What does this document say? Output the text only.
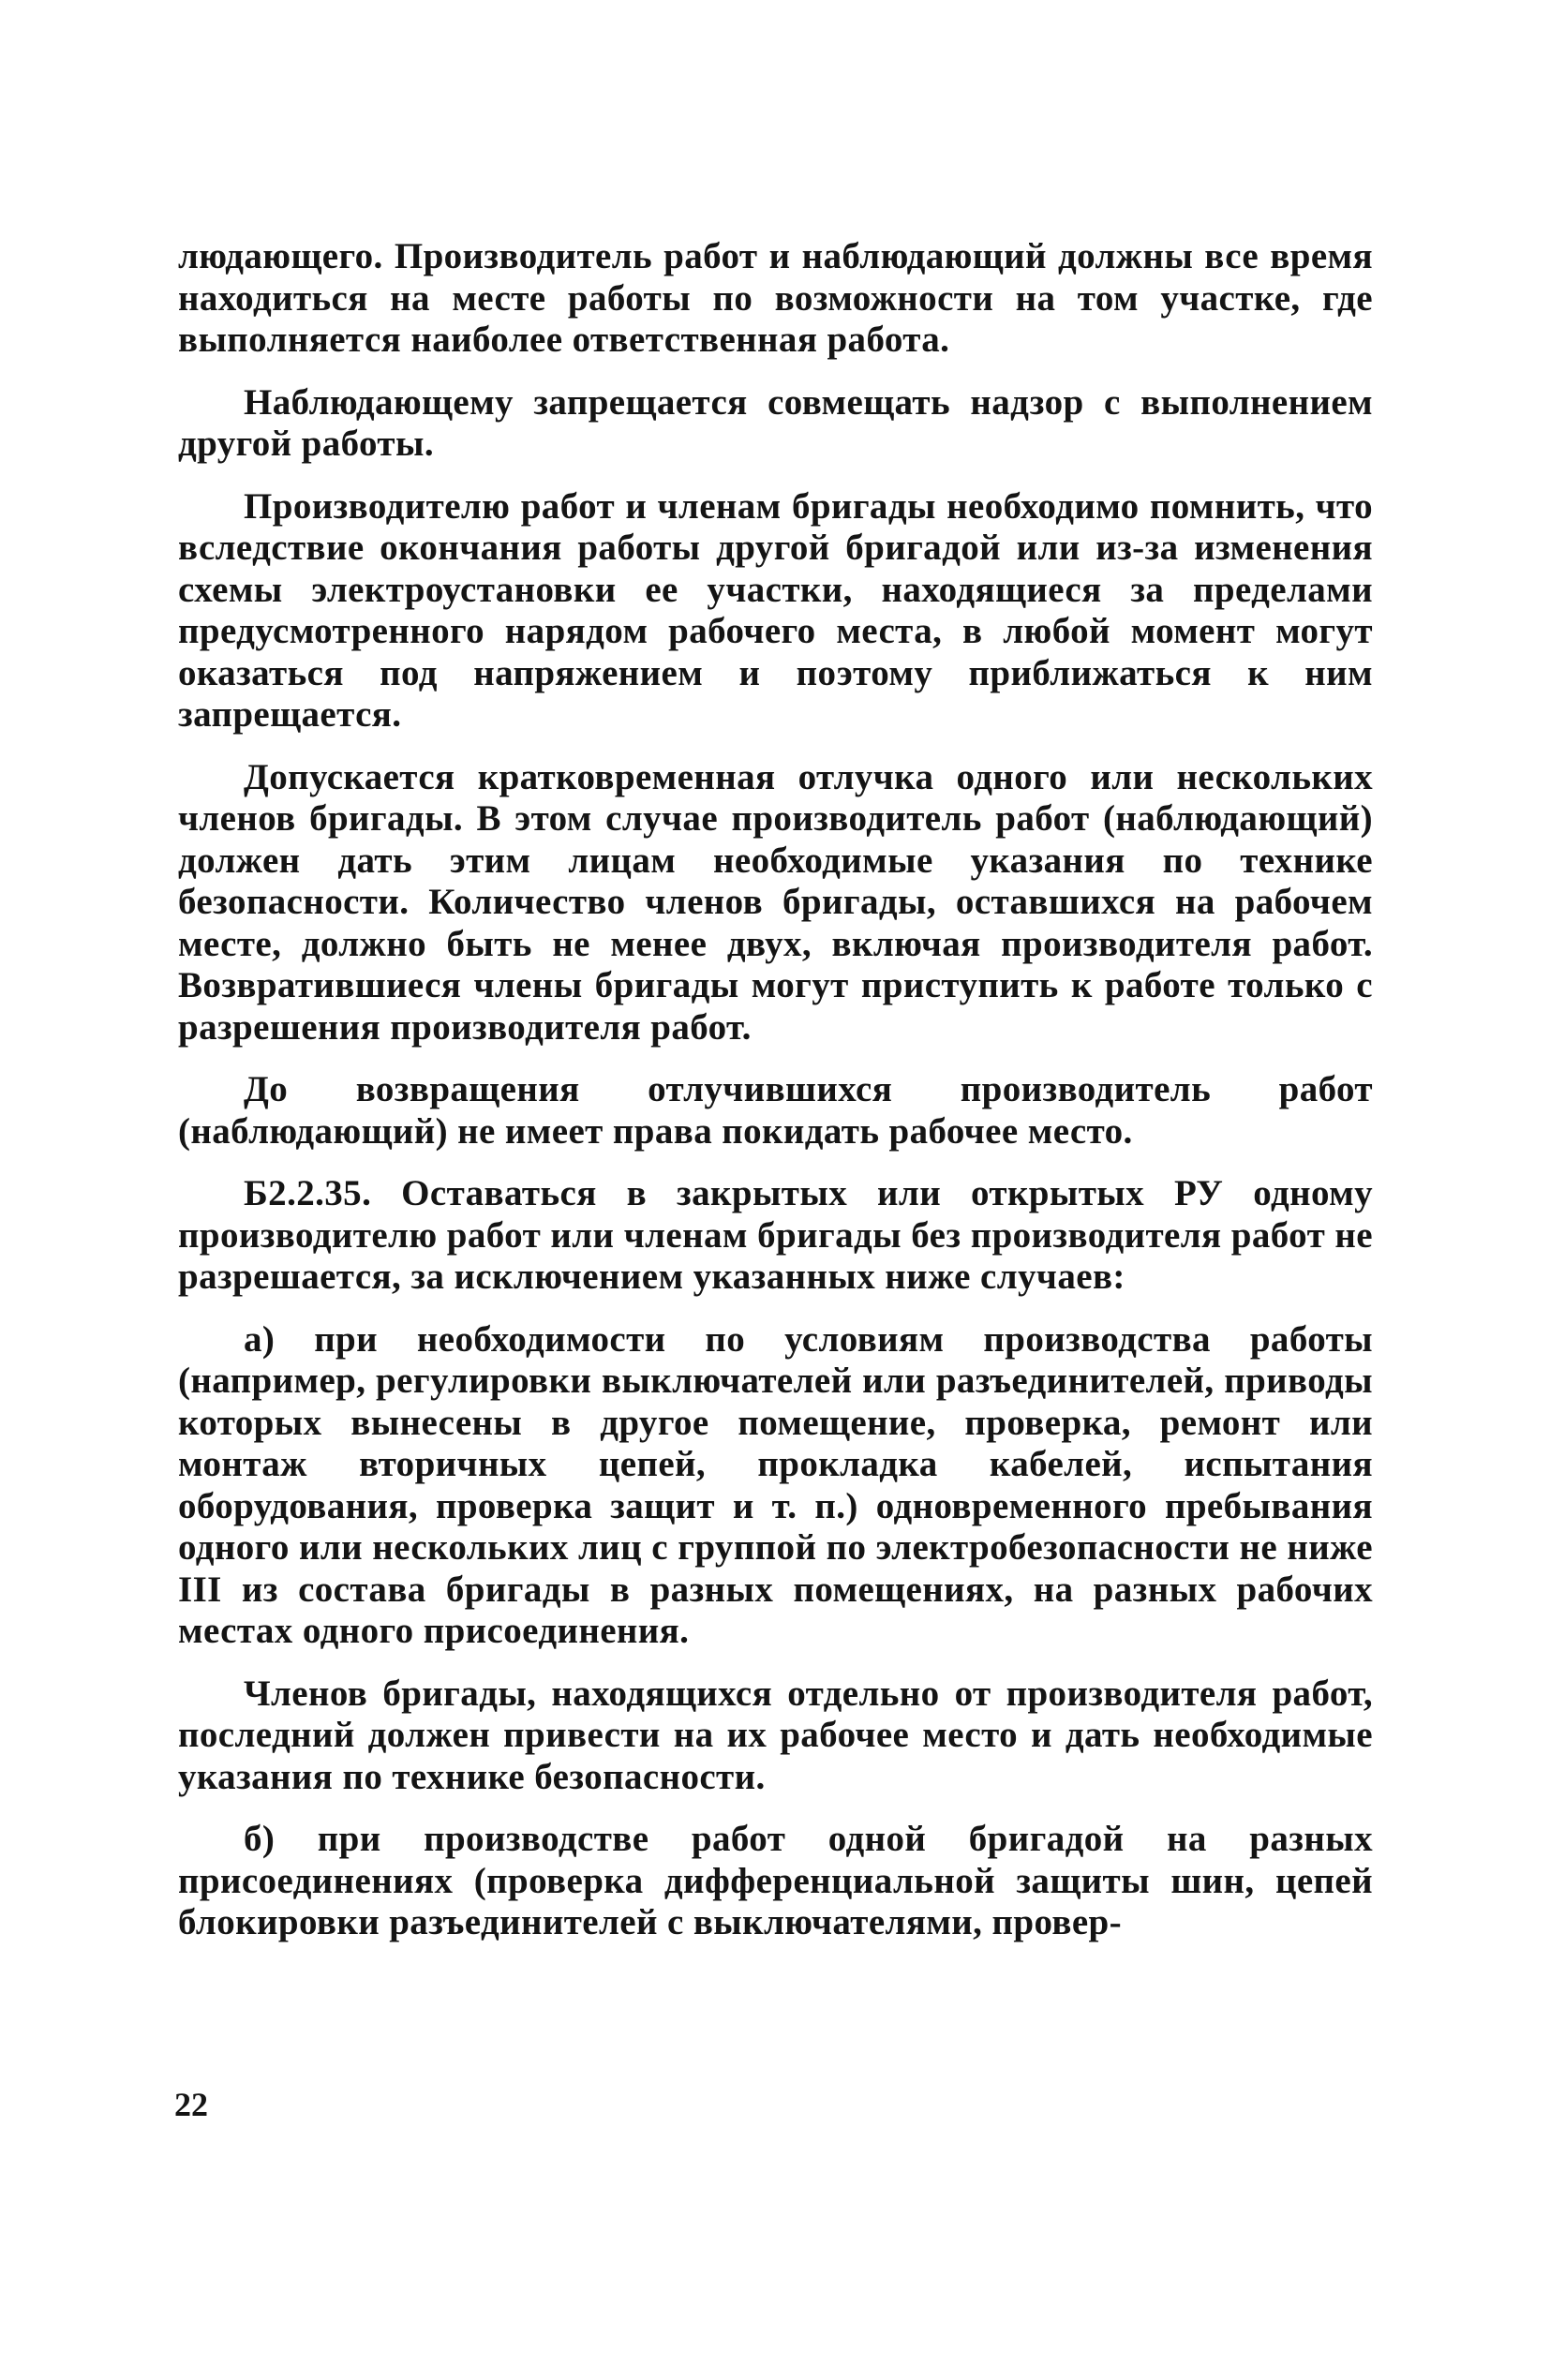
людающего. Производитель работ и наблюдающий должны все время находиться на месте работы по возможности на том участке, где выполняется наиболее ответственная работа.

Наблюдающему запрещается совмещать надзор с выполнением другой работы.

Производителю работ и членам бригады необходимо помнить, что вследствие окончания работы другой бригадой или из-за изменения схемы электроустановки ее участки, находящиеся за пределами предусмотренного нарядом рабочего места, в любой момент могут оказаться под напряжением и поэтому приближаться к ним запрещается.

Допускается кратковременная отлучка одного или нескольких членов бригады. В этом случае производитель работ (наблюдающий) должен дать этим лицам необходимые указания по технике безопасности. Количество членов бригады, оставшихся на рабочем месте, должно быть не менее двух, включая производителя работ. Возвратившиеся члены бригады могут приступить к работе только с разрешения производителя работ.

До возвращения отлучившихся производитель работ (наблюдающий) не имеет права покидать рабочее место.

Б2.2.35. Оставаться в закрытых или открытых РУ одному производителю работ или членам бригады без производителя работ не разрешается, за исключением указанных ниже случаев:

а) при необходимости по условиям производства работы (например, регулировки выключателей или разъединителей, приводы которых вынесены в другое помещение, проверка, ремонт или монтаж вторичных цепей, прокладка кабелей, испытания оборудования, проверка защит и т. п.) одновременного пребывания одного или нескольких лиц с группой по электробезопасности не ниже III из состава бригады в разных помещениях, на разных рабочих местах одного присоединения.

Членов бригады, находящихся отдельно от производителя работ, последний должен привести на их рабочее место и дать необходимые указания по технике безопасности.

б) при производстве работ одной бригадой на разных присоединениях (проверка дифференциальной защиты шин, цепей блокировки разъединителей с выключателями, провер-

22
